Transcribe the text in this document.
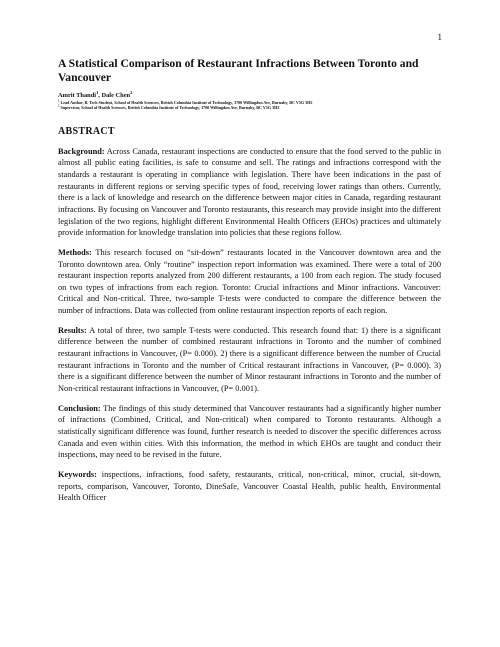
1
A Statistical Comparison of Restaurant Infractions Between Toronto and Vancouver

Amrit Thandi$^1$, Dale Chen$^2$

$^1$ Lead Author, B. Tech Student, School of Health Sciences, British Columbia Institute of Technology, 3700 Willingdon Ave, Burnaby, BC V5G 3H2

$^2$ Supervisor, School of Health Sciences, British Columbia Institute of Technology, 3700 Willingdon Ave, Burnaby, BC V5G 3H2

ABSTRACT

Background: Across Canada, restaurant inspections are conducted to ensure that the food served to the public in almost all public eating facilities, is safe to consume and sell. The ratings and infractions correspond with the standards a restaurant is operating in compliance with legislation. There have been indications in the past of restaurants in different regions or serving specific types of food, receiving lower ratings than others. Currently, there is a lack of knowledge and research on the difference between major cities in Canada, regarding restaurant infractions. By focusing on Vancouver and Toronto restaurants, this research may provide insight into the different legislation of the two regions, highlight different Environmental Health Officers (EHOs) practices and ultimately provide information for knowledge translation into policies that these regions follow.

Methods: This research focused on “sit-down” restaurants located in the Vancouver downtown area and the Toronto downtown area. Only “routine” inspection report information was examined. There were a total of 200 restaurant inspection reports analyzed from 200 different restaurants, a 100 from each region. The study focused on two types of infractions from each region. Toronto: Crucial infractions and Minor infractions. Vancouver: Critical and Non-critical. Three, two-sample T-tests were conducted to compare the difference between the number of infractions. Data was collected from online restaurant inspection reports of each region.

Results: A total of three, two sample T-tests were conducted. This research found that: 1) there is a significant difference between the number of combined restaurant infractions in Toronto and the number of combined restaurant infractions in Vancouver, (P= 0.000). 2) there is a significant difference between the number of Crucial restaurant infractions in Toronto and the number of Critical restaurant infractions in Vancouver, (P= 0.000). 3) there is a significant difference between the number of Minor restaurant infractions in Toronto and the number of Non-critical restaurant infractions in Vancouver, (P= 0.001).

Conclusion: The findings of this study determined that Vancouver restaurants had a significantly higher number of infractions (Combined, Critical, and Non-critical) when compared to Toronto restaurants. Although a statistically significant difference was found, further research is needed to discover the specific differences across Canada and even within cities. With this information, the method in which EHOs are taught and conduct their inspections, may need to be revised in the future.

Keywords: inspections, infractions, food safety, restaurants, critical, non-critical, minor, crucial, sit-down, reports, comparison, Vancouver, Toronto, DineSafe, Vancouver Coastal Health, public health, Environmental Health Officer
